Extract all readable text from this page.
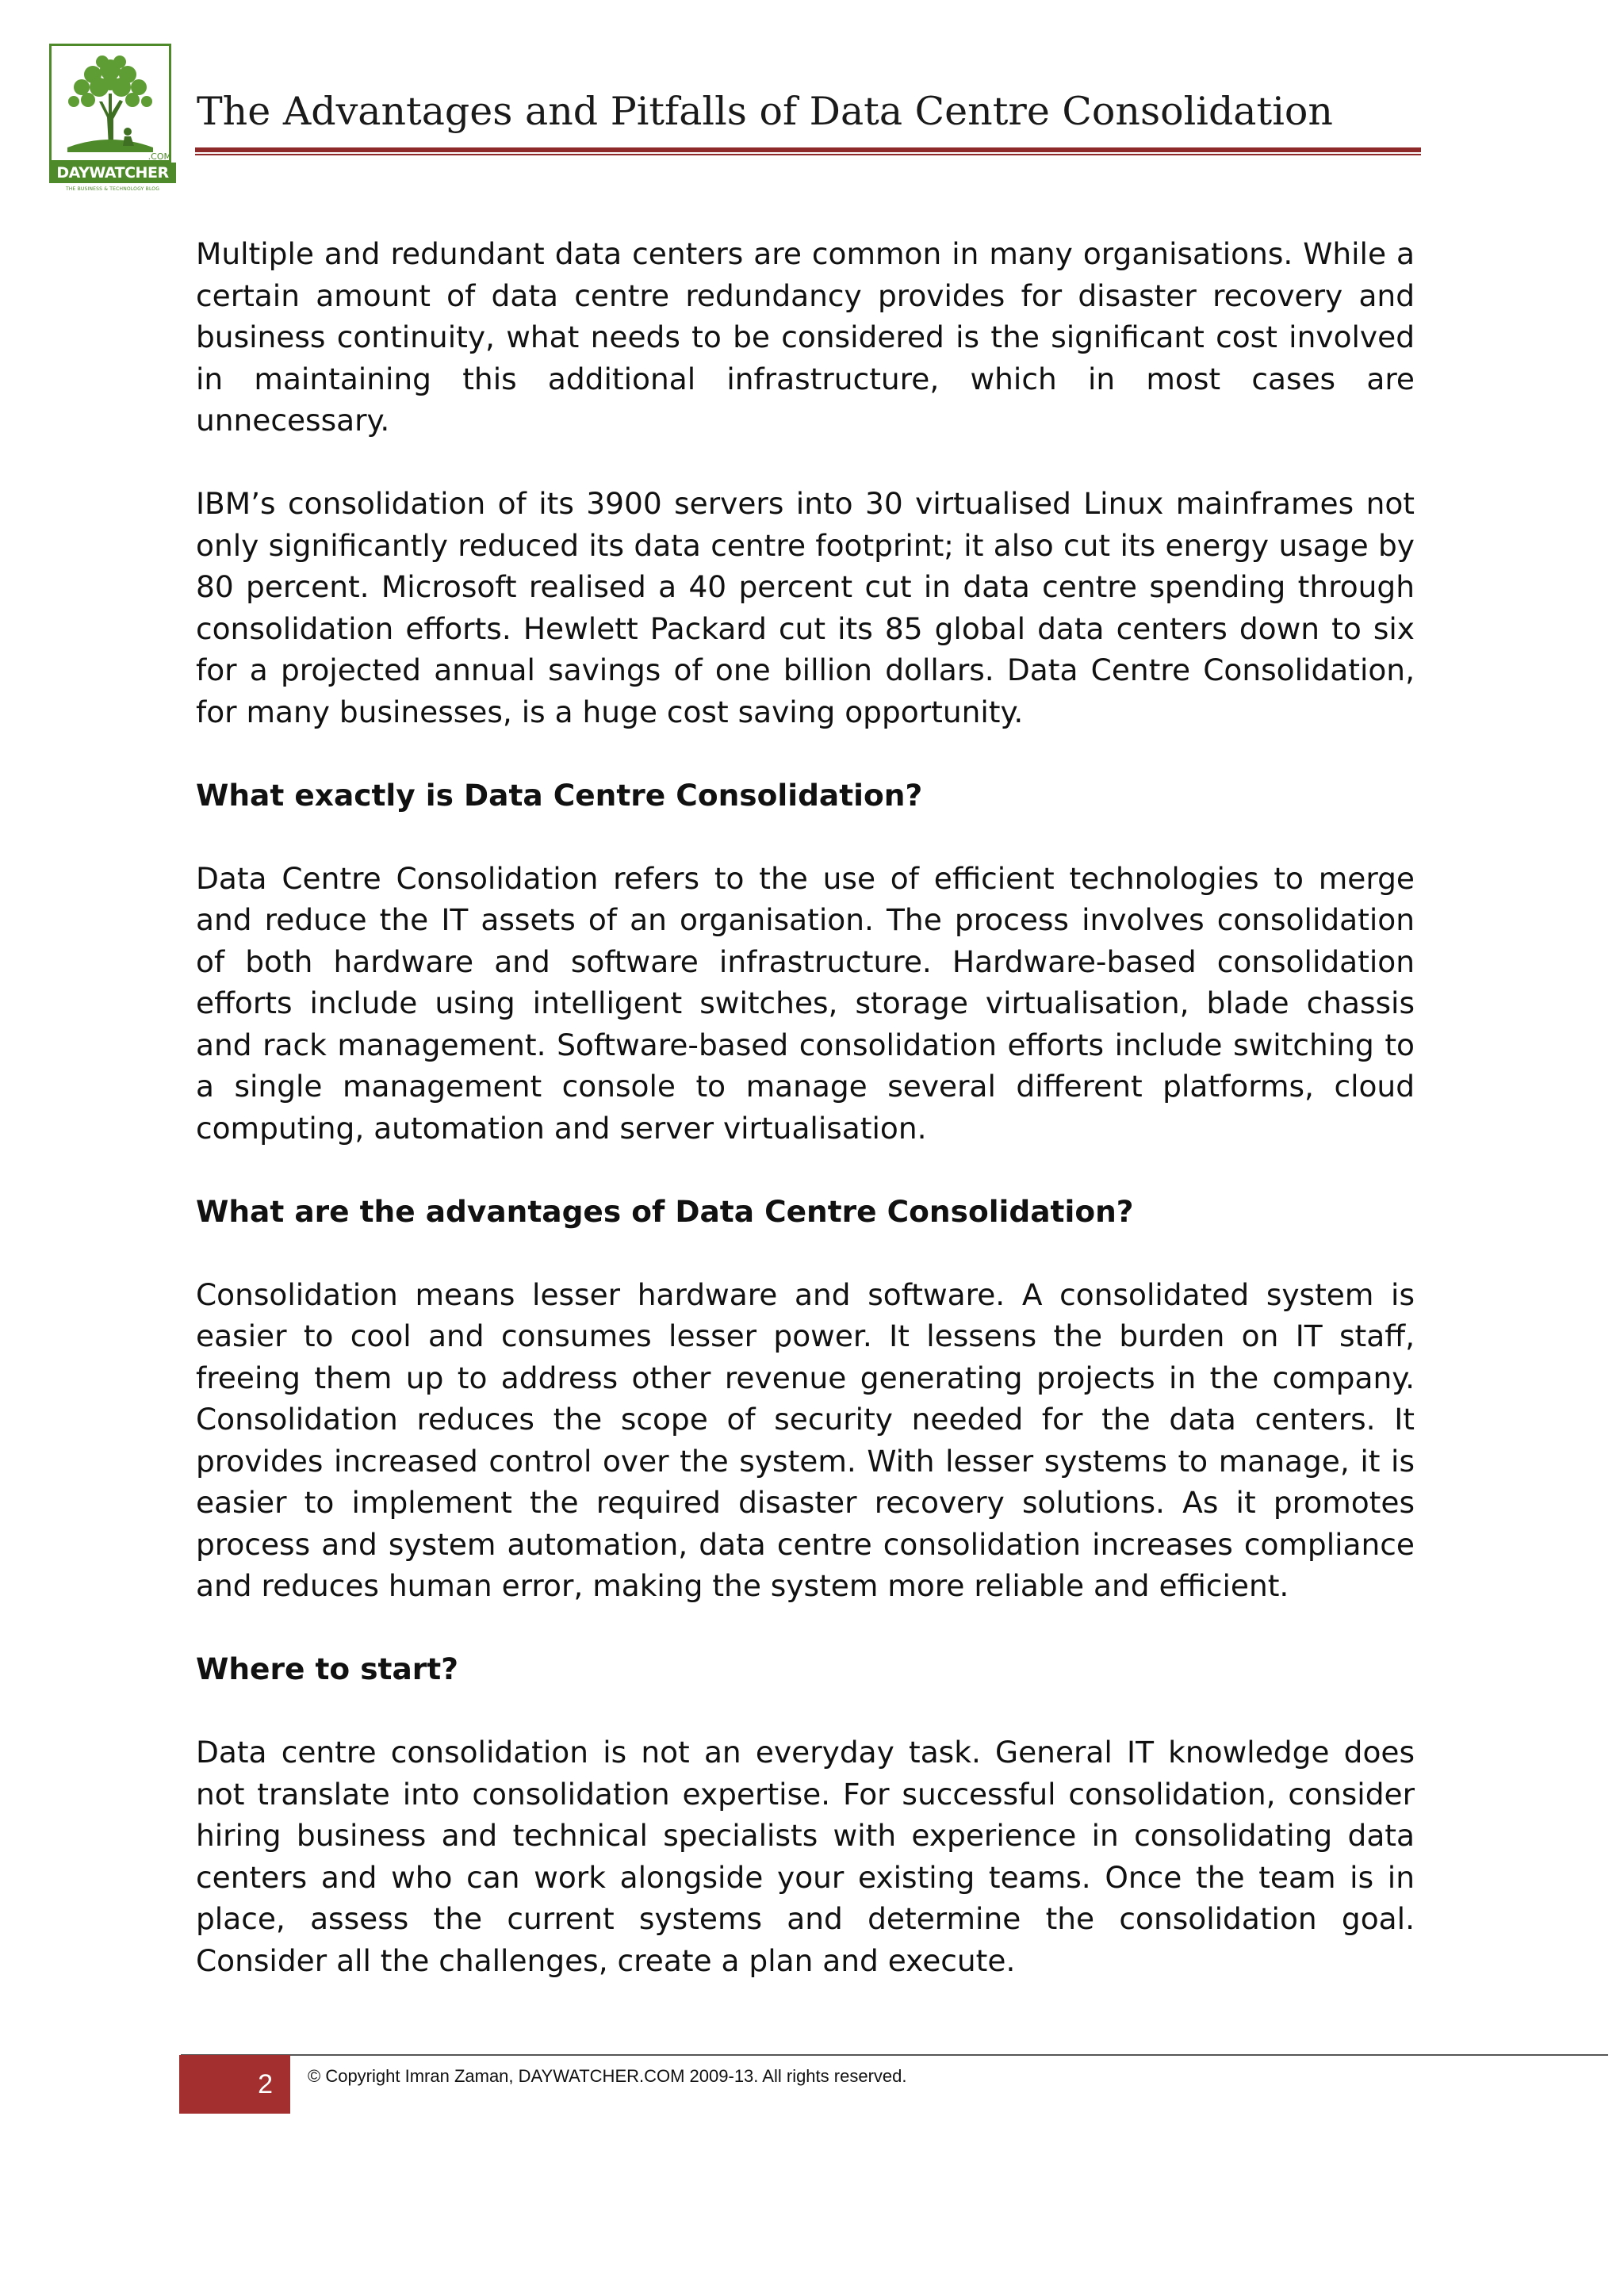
.COM
DAYWATCHER
THE BUSINESS & TECHNOLOGY BLOG
The Advantages and Pitfalls of Data Centre Consolidation

Multiple and redundant data centers are common in many organisations. While a certain amount of data centre redundancy provides for disaster recovery and business continuity, what needs to be considered is the significant cost involved in maintaining this additional infrastructure, which in most cases are unnecessary.

IBM’s consolidation of its 3900 servers into 30 virtualised Linux mainframes not only significantly reduced its data centre footprint; it also cut its energy usage by 80 percent. Microsoft realised a 40 percent cut in data centre spending through consolidation efforts. Hewlett Packard cut its 85 global data centers down to six for a projected annual savings of one billion dollars. Data Centre Consolidation, for many businesses, is a huge cost saving opportunity.

What exactly is Data Centre Consolidation?

Data Centre Consolidation refers to the use of efficient technologies to merge and reduce the IT assets of an organisation. The process involves consolidation of both hardware and software infrastructure. Hardware-based consolidation efforts include using intelligent switches, storage virtualisation, blade chassis and rack management. Software-based consolidation efforts include switching to a single management console to manage several different platforms, cloud computing, automation and server virtualisation.

What are the advantages of Data Centre Consolidation?

Consolidation means lesser hardware and software. A consolidated system is easier to cool and consumes lesser power. It lessens the burden on IT staff, freeing them up to address other revenue generating projects in the company. Consolidation reduces the scope of security needed for the data centers. It provides increased control over the system. With lesser systems to manage, it is easier to implement the required disaster recovery solutions. As it promotes process and system automation, data centre consolidation increases compliance and reduces human error, making the system more reliable and efficient.

Where to start?

Data centre consolidation is not an everyday task. General IT knowledge does not translate into consolidation expertise. For successful consolidation, consider hiring business and technical specialists with experience in consolidating data centers and who can work alongside your existing teams. Once the team is in place, assess the current systems and determine the consolidation goal. Consider all the challenges, create a plan and execute.

2	© Copyright Imran Zaman, DAYWATCHER.COM 2009-13. All rights reserved.
